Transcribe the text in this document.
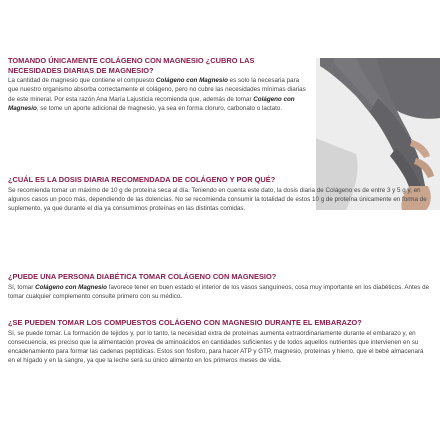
TOMANDO ÚNICAMENTE COLÁGENO CON MAGNESIO ¿CUBRO LAS NECESIDADES DIARIAS DE MAGNESIO?

La cantidad de magnesio que contiene el compuesto Colágeno con Magnesio es solo la necesaria para que nuestro organismo absorba correctamente el colágeno, pero no cubre las necesidades mínimas diarias de este mineral. Por esta razón Ana María Lajusticia recomienda que, además de tomar Colágeno con Magnesio, se tome un aporte adicional de magnesio, ya sea en forma cloruro, carbonato o lactato.

¿CUÁL ES LA DOSIS DIARIA RECOMENDADA DE COLÁGENO Y POR QUÉ?

Se recomienda tomar un máximo de 10 g de proteína seca al día. Teniendo en cuenta este dato, la dosis diaria de Colágeno es de entre 3 y 5 g y, en algunos casos un poco más, dependiendo de las dolencias. No se recomienda consumir la totalidad de estos 10 g de proteína únicamente en forma de suplemento, ya que durante el día ya consumimos proteínas en las distintas comidas.

¿PUEDE UNA PERSONA DIABÉTICA TOMAR COLÁGENO CON MAGNESIO?

Sí, tomar Colágeno con Magnesio favorece tener en buen estado el interior de los vasos sanguíneos, cosa muy importante en los diabéticos. Antes de tomar cualquier complemento consulte primero con su médico.

¿SE PUEDEN TOMAR LOS COMPUESTOS COLÁGENO CON MAGNESIO DURANTE EL EMBARAZO?

Sí, se puede tomar. La formación de tejidos y, por lo tanto, la necesidad extra de proteínas aumenta extraordinariamente durante el embarazo y, en consecuencia, es preciso que la alimentación provea de aminoácidos en cantidades suficientes y de todos aquellos nutrientes que intervienen en su encadenamiento para formar las cadenas peptídicas. Estos son fósforo, para hacer ATP y GTP, magnesio, proteínas y hierro, que el bebé almacenará en el hígado y en la sangre, ya que la leche será su único alimento en los primeros meses de vida.
